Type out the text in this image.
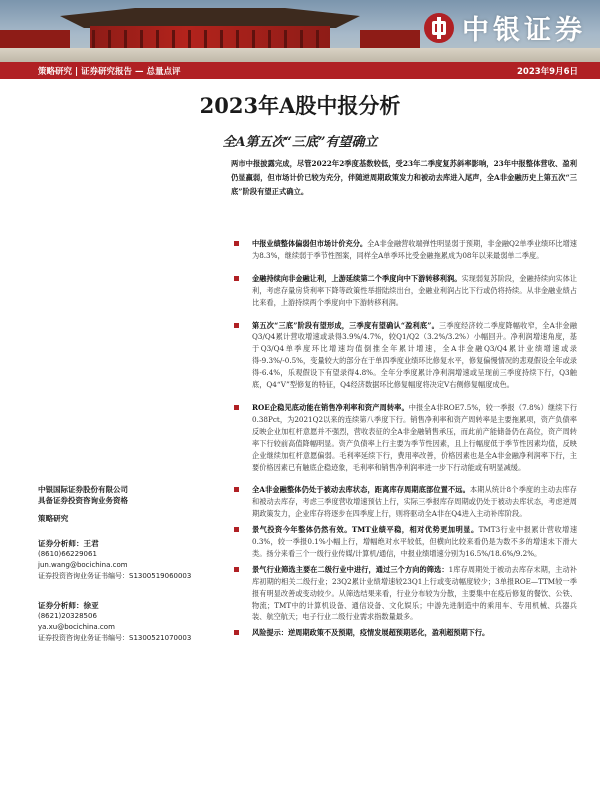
中银证券
策略研究 | 证券研究报告 — 总量点评	2023年9月6日
2023年A股中报分析
全A第五次“三底”有望确立
两市中报披露完成，尽管2022年2季度基数较低，受23年二季度复苏斜率影响，23年中报整体营收、盈利仍显羸弱，但市场计价已较为充分，伴随逆周期政策发力和被动去库进入尾声，全A非金融历史上第五次“三底”阶段有望正式确立。
中报业绩整体偏弱但市场计价充分。全A非金融营收端弹性明显弱于预期，非金融Q2单季业绩环比增速为8.3%，继续弱于季节性图案，同样全A单季环比受金融拖累成为08年以来最弱单二季度。
金融持续向非金融让利，上游延续第二个季度向中下游转移利润。实现弱复苏阶段，金融持续向实体让利，考虑存量房贷利率下降等政策性举措陆续出台，金融业利润占比下行或仍将持续。从非金融业绩占比来看，上游持续两个季度向中下游转移利润。
第五次“三底”阶段有望形成，三季度有望确认“盈利底”。三季度经济较二季度降幅收窄，全A非金融Q3/Q4累计营收增速或录得3.9%/4.7%，较Q1/Q2（3.2%/3.2%）小幅回升。净利润增速角度，基于Q3/Q4单季度环比增速均值倒推全年累计增速，全A非金融Q3/Q4累计业绩增速或录得-9.3%/-0.5%，变量较大的部分在于单四季度业绩环比修复水平，修复偏慢情况的悲观假设全年或录得-6.4%，乐观假设下有望录得4.8%。全年分季度累计净利润增速或呈现前三季度持续下行，Q3触底，Q4“V”型修复的特征，Q4经济数据环比修复幅度将决定V右侧修复幅度成色。
ROE企稳见底动能在销售净利率和资产周转率。中报全A非ROE7.5%，较一季报（7.8%）继续下行0.38Pct，为2021Q2以来的连续第八季度下行。销售净利率和资产周转率是主要拖累项，资产负债率反映企业加杠杆意愿并不强烈，营收表征的全A非金融销售承压，而此前产能储备仍在高位，资产周转率下行较前高值降幅明显。资产负债率上行主要为季节性因素，且上行幅度低于季节性因素均值，反映企业继续加杠杆意愿偏弱。毛利率延续下行，费用率改善，价格因素也是全A非金融净利润率下行，主要价格因素已有触底企稳迹象，毛利率和销售净利润率进一步下行动能或有明显减缓。
全A非金融整体仍处于被动去库状态，距离库存周期底部位置不远。本期从统计8个季度的主动去库存和被动去库存，考虑三季度营收增速预估上行，实际三季报库存周期或仍处于被动去库状态，考虑逆周期政策发力，企业库存将逐步在四季度上行，则将驱动全A非在Q4进入主动补库阶段。
景气投资今年整体仍然有效。TMT业绩平稳，相对优势更加明显。TMT3行业中报累计营收增速0.3%，较一季报0.1%小幅上行，增幅绝对水平较低，但横向比较来看仍是为数不多的增速未下滑大类。扬分来看三个一级行业传媒/计算机/通信，中报业绩增速分别为16.5%/18.6%/9.2%。
景气行业筛选主要在二级行业中进行，通过三个方向的筛选：1库存周期处于被动去库存末期，主动补库初期的相关二级行业；23Q2累计业绩增速较23Q1上行或变动幅度较少；3单报ROE—TTM较一季报有明显改善或变动较少。从筛选结果来看，行业分布较为分散，主要集中在疫后修复的餐饮、公铁、物流；TMT中的计算机设备、通信设备、文化娱乐；中游先进制造中的乘用车、专用机械、兵器兵装、航空航天；电子行业二级行业需求指数量最多。
风险提示：逆周期政策不及预期，疫情发展超预期恶化，盈利超预期下行。
中银国际证券股份有限公司
具备证券投资咨询业务资格
策略研究
证券分析师：王君
(8610)66229061
jun.wang@bocichina.com
证券投资咨询业务证书编号：S1300519060003
证券分析师：徐亚
(8621)20328506
ya.xu@bocichina.com
证券投资咨询业务证书编号：S1300521070003
